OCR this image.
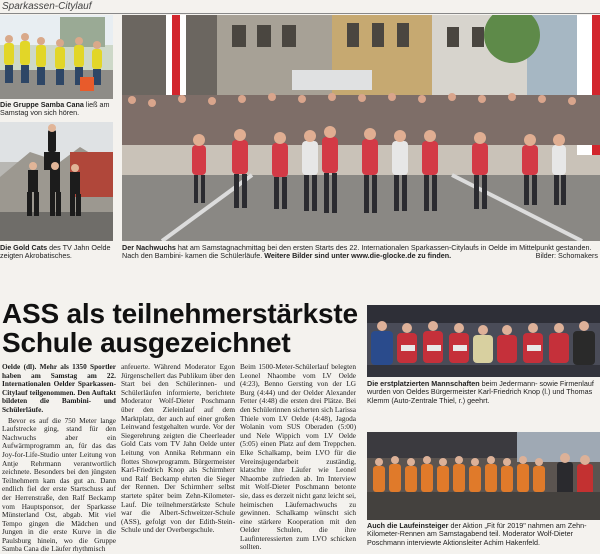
Sparkassen-Citylauf
Die Gruppe Samba Cana ließ am Samstag von sich hören.
Die Gold Cats des TV Jahn Oelde zeigten Akrobatisches.
Der Nachwuchs hat am Samstagnachmittag bei den ersten Starts des 22. Internationalen Sparkassen-Citylaufs in Oelde im Mittelpunkt gestanden. Nach den Bambini- kamen die Schülerläufe. Weitere Bilder sind unter www.die-glocke.de zu finden.	Bilder: Schomakers
ASS als teilnehmerstärkste
Schule ausgezeichnet

Oelde (dl). Mehr als 1350 Sportler haben am Samstag am 22. Internationalen Oelder Sparkassen-Citylauf teilgenommen. Den Auftakt bildeten die Bambini- und Schülerläufe.

Bevor es auf die 750 Meter lange Laufstrecke ging, stand für den Nachwuchs aber ein Aufwärmprogramm an, für das das Joy-for-Life-Studio unter Leitung von Antje Rehrmann verantwortlich zeichnete. Besonders bei den jüngsten Teilnehmern kam das gut an. Dann endlich fiel der erste Startschuss auf der Herrenstraße, den Ralf Beckamp vom Hauptsponsor, der Sparkasse Münsterland Ost, abgab. Mit viel Tempo gingen die Mädchen und Jungen in die erste Kurve in die Paulsburg hinein, wo die Gruppe Samba Cana die Läufer rhythmisch

anfeuerte. Während Moderator Egon Jürgenschellert das Publikum über den Start bei den Schülerinnen- und Schülerläufen informierte, berichtete Moderator Wolf-Dieter Poschmann über den Zieleinlauf auf dem Marktplatz, der auch auf einer großen Leinwand festgehalten wurde. Vor der Siegerehrung zeigten die Cheerleader Gold Cats vom TV Jahn Oelde unter Leitung von Annika Rehrmann ein flottes Showprogramm. Bürgermeister Karl-Friedrich Knop als Schirmherr und Ralf Beckamp ehrten die Sieger der Rennen. Der Schirmherr selbst startete später beim Zehn-Kilometer-Lauf. Die teilnehmerstärkste Schule war die Albert-Schweitzer-Schule (ASS), gefolgt von der Edith-Stein-Schule und der Overbergschule.

Beim 1500-Meter-Schülerlauf belegten Leonel Nhaombe vom LV Oelde (4:23), Benno Gersting von der LG Burg (4:44) und der Oelder Alexander Fetter (4:48) die ersten drei Plätze. Bei den Schülerinnen sicherten sich Larissa Thiele vom LV Oelde (4:48), Jagoda Wolanin vom SUS Oberaden (5:00) und Nele Wippich vom LV Oelde (5:05) einen Platz auf dem Treppchen. Elke Schalkamp, beim LVO für die Vereinsjugendarbeit zuständig, klatschte ihre Läufer wie Leonel Nhaombe zufrieden ab. Im Interview mit Wolf-Dieter Poschmann betonte sie, dass es derzeit nicht ganz leicht sei, heimischen Läufernachwuchs zu gewinnen. Schalkamp wünscht sich eine stärkere Kooperation mit den Oelder Schulen, die ihre Laufinteressierten zum LVO schicken sollten.

Die erstplatzierten Mannschaften beim Jedermann- sowie Firmenlauf wurden von Oeldes Bürgermeister Karl-Friedrich Knop (l.) und Thomas Klemm (Auto-Zentrale Thiel, r.) geehrt.
Auch die Laufeinsteiger der Aktion „Fit für 2019" nahmen am Zehn-Kilometer-Rennen am Samstagabend teil. Moderator Wolf-Dieter Poschmann interviewte Aktionsleiter Achim Hakenfeld.
